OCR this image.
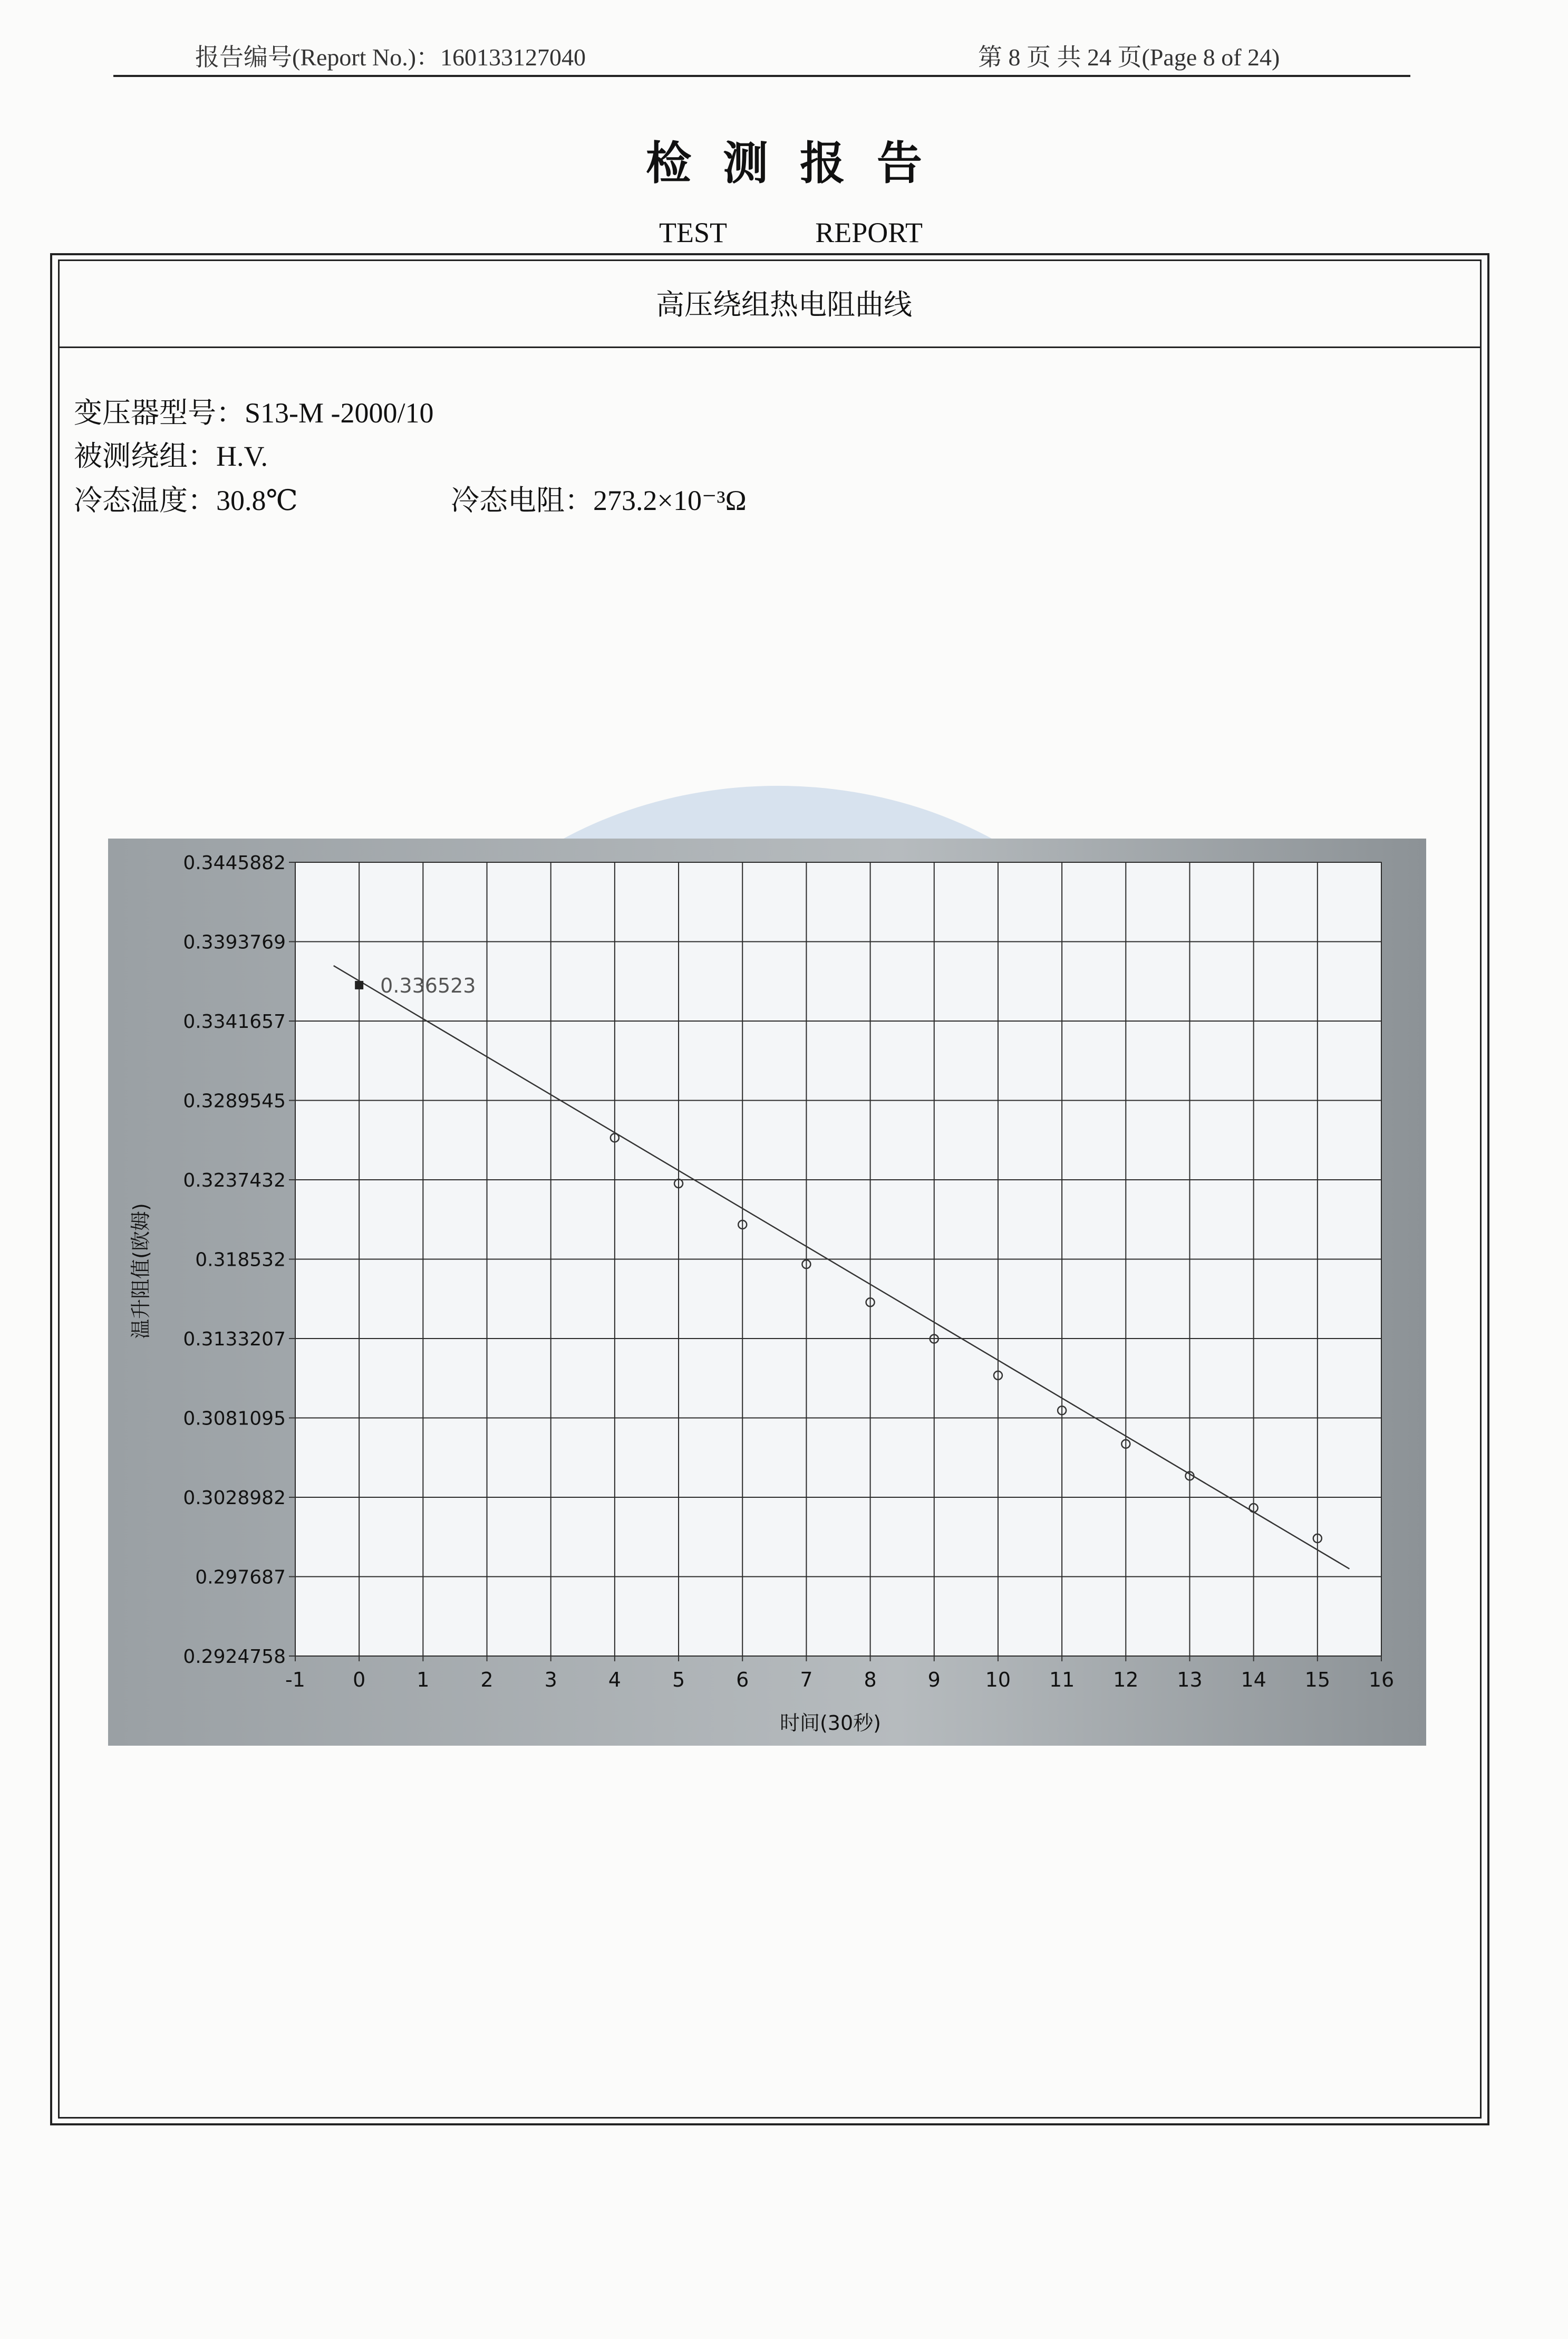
报告编号(Report No.)：160133127040	第 8 页 共 24 页(Page 8 of 24)
检测报告
TEST	REPORT
高压绕组热电阻曲线
变压器型号：S13-M -2000/10
被测绕组：H.V.
冷态温度：30.8℃	冷态电阻：273.2×10⁻³Ω
0.2924758
0.297687
0.3028982
0.3081095
0.3133207
0.318532
0.3237432
0.3289545
0.3341657
0.3393769
0.3445882
-1 0	1	2	3	4	5	6	7	8	9 10 11 12 13 14 15 16
0.336523
时间(30秒)
温升阻值(欧姆)
